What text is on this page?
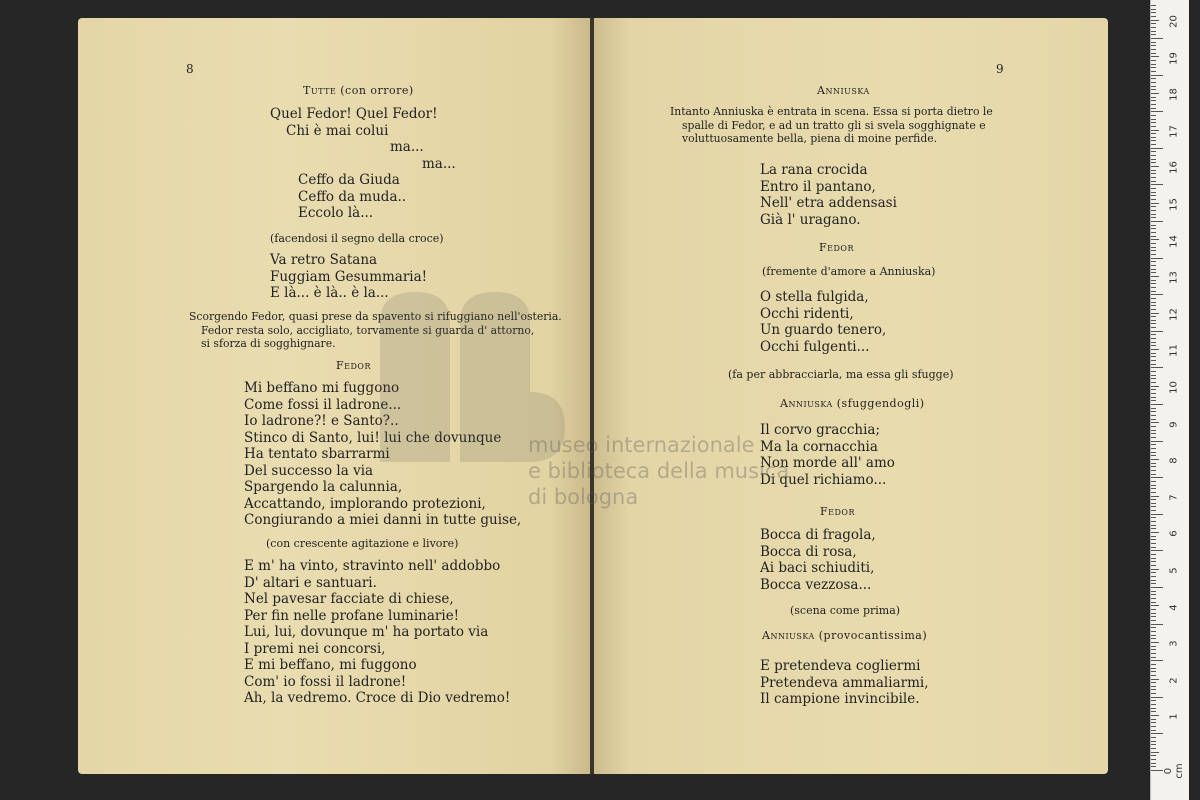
8
Tutte (con orrore)
Quel Fedor! Quel Fedor!
Chi è mai colui
ma...
ma...
Ceffo da Giuda
Ceffo da muda..
Eccolo là...
(facendosi il segno della croce)
Va retro Satana
Fuggiam Gesummaria!
E là... è là.. è la...
Scorgendo Fedor, quasi prese da spavento si rifuggiano nell'osteria.
Fedor resta solo, accigliato, torvamente si guarda d' attorno,
si sforza di sogghignare.
Fedor
Mi beffano mi fuggono
Come fossi il ladrone...
Io ladrone?! e Santo?..
Stinco di Santo, lui! lui che dovunque
Ha tentato sbarrarmi
Del successo la via
Spargendo la calunnia,
Accattando, implorando protezioni,
Congiurando a miei danni in tutte guise,
(con crescente agitazione e livore)
E m' ha vinto, stravinto nell' addobbo
D' altari e santuari.
Nel pavesar facciate di chiese,
Per fin nelle profane luminarie!
Lui, lui, dovunque m' ha portato via
I premi nei concorsi,
E mi beffano, mi fuggono
Com' io fossi il ladrone!
Ah, la vedremo. Croce di Dio vedremo!
9
Anniuska
Intanto Anniuska è entrata in scena. Essa si porta dietro le
spalle di Fedor, e ad un tratto gli si svela sogghignate e
voluttuosamente bella, piena di moine perfide.
La rana crocida
Entro il pantano,
Nell' etra addensasi
Già l' uragano.
Fedor
(fremente d'amore a Anniuska)
O stella fulgida,
Occhi ridenti,
Un guardo tenero,
Occhi fulgenti...
(fa per abbracciarla, ma essa gli sfugge)
Anniuska (sfuggendogli)
Il corvo gracchia;
Ma la cornacchia
Non morde all' amo
Di quel richiamo...
Fedor
Bocca di fragola,
Bocca di rosa,
Ai baci schiuditi,
Bocca vezzosa...
(scena come prima)
Anniuska (provocantissima)
E pretendeva cogliermi
Pretendeva ammaliarmi,
Il campione invincibile.
museo internazionale
e biblioteca della musica
di bologna
0 cm
1
2
3
4
5
6
7
8
9
10
11
12
13
14
15
16
17
18
19
20
